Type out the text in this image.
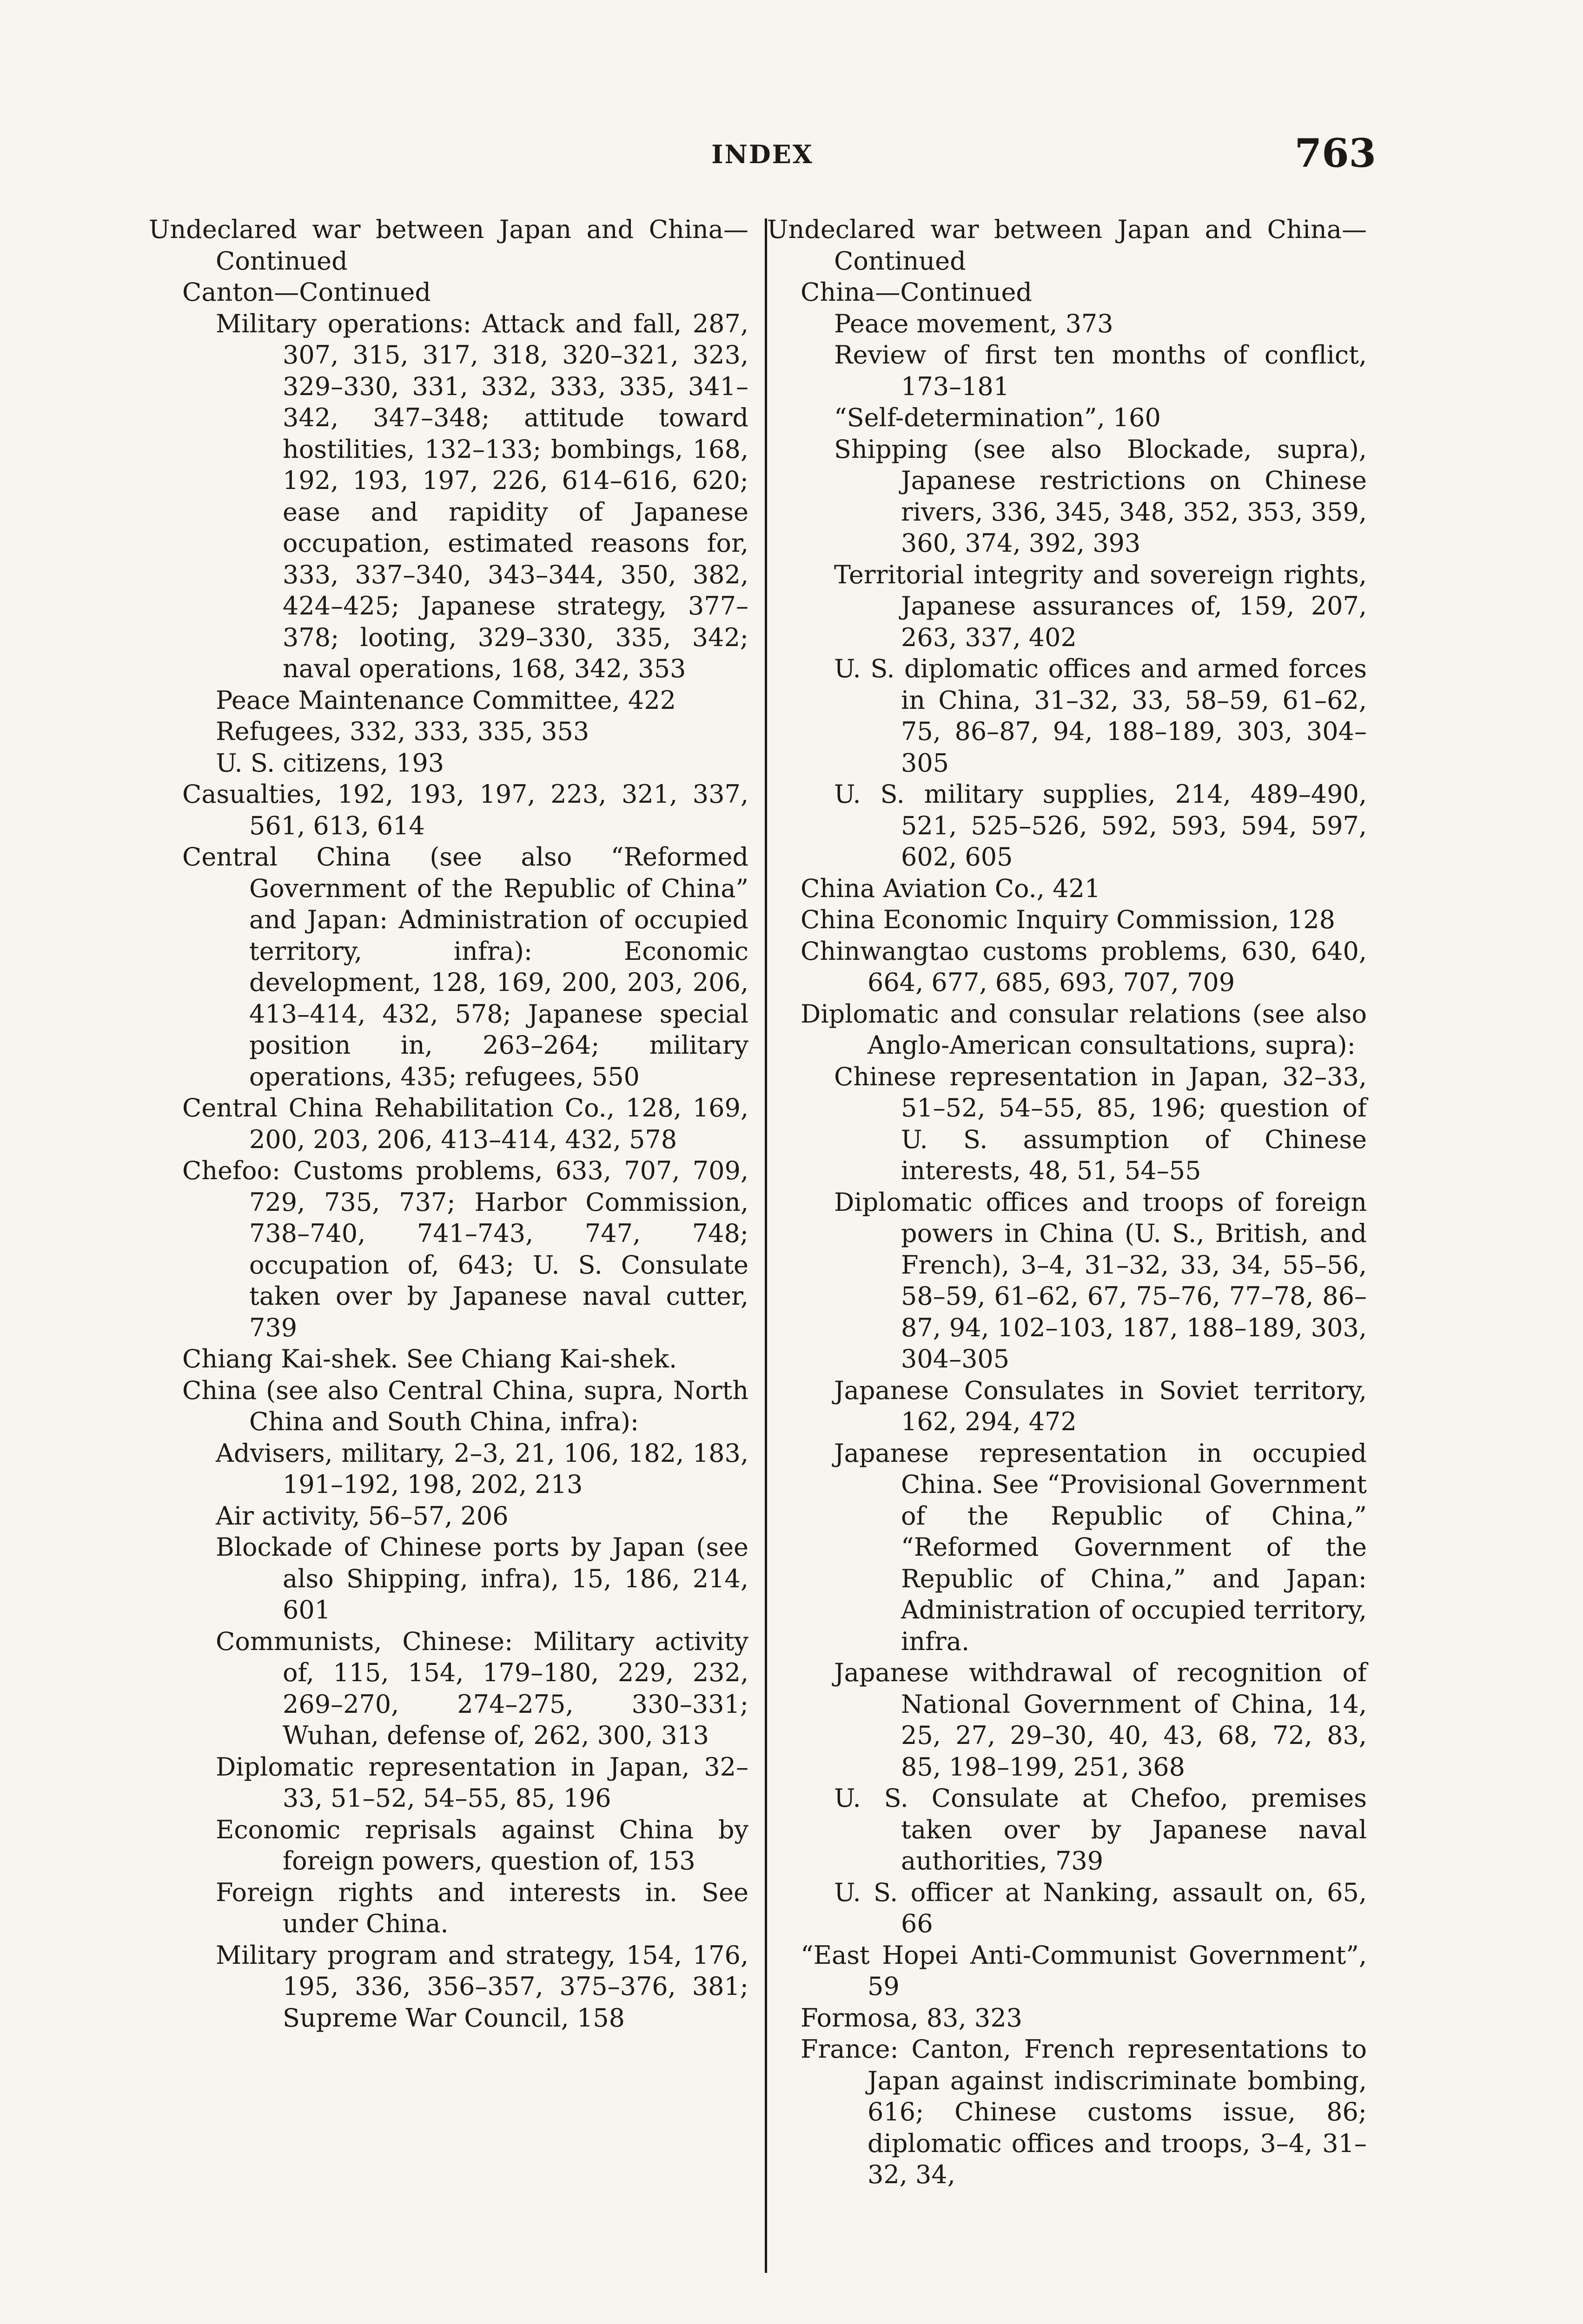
INDEX	763
Undeclared war between Japan and China—Continued
Canton—Continued
Military operations: Attack and fall, 287, 307, 315, 317, 318, 320–321, 323, 329–330, 331, 332, 333, 335, 341–342, 347–348; attitude toward hostilities, 132–133; bombings, 168, 192, 193, 197, 226, 614–616, 620; ease and rapidity of Japanese occupation, estimated reasons for, 333, 337–340, 343–344, 350, 382, 424–425; Japanese strategy, 377–378; looting, 329–330, 335, 342; naval operations, 168, 342, 353
Peace Maintenance Committee, 422
Refugees, 332, 333, 335, 353
U. S. citizens, 193
Casualties, 192, 193, 197, 223, 321, 337, 561, 613, 614
Central China (see also “Reformed Government of the Republic of China” and Japan: Administration of occupied territory, infra): Economic development, 128, 169, 200, 203, 206, 413–414, 432, 578; Japanese special position in, 263–264; military operations, 435; refugees, 550
Central China Rehabilitation Co., 128, 169, 200, 203, 206, 413–414, 432, 578
Chefoo: Customs problems, 633, 707, 709, 729, 735, 737; Harbor Commission, 738–740, 741–743, 747, 748; occupation of, 643; U. S. Consulate taken over by Japanese naval cutter, 739
Chiang Kai-shek. See Chiang Kai-shek.
China (see also Central China, supra, North China and South China, infra):
Advisers, military, 2–3, 21, 106, 182, 183, 191–192, 198, 202, 213
Air activity, 56–57, 206
Blockade of Chinese ports by Japan (see also Shipping, infra), 15, 186, 214, 601
Communists, Chinese: Military activity of, 115, 154, 179–180, 229, 232, 269–270, 274–275, 330–331; Wuhan, defense of, 262, 300, 313
Diplomatic representation in Japan, 32–33, 51–52, 54–55, 85, 196
Economic reprisals against China by foreign powers, question of, 153
Foreign rights and interests in. See under China.
Military program and strategy, 154, 176, 195, 336, 356–357, 375–376, 381; Supreme War Council, 158
Undeclared war between Japan and China—Continued
China—Continued
Peace movement, 373
Review of first ten months of conflict, 173–181
“Self-determination”, 160
Shipping (see also Blockade, supra), Japanese restrictions on Chinese rivers, 336, 345, 348, 352, 353, 359, 360, 374, 392, 393
Territorial integrity and sovereign rights, Japanese assurances of, 159, 207, 263, 337, 402
U. S. diplomatic offices and armed forces in China, 31–32, 33, 58–59, 61–62, 75, 86–87, 94, 188–189, 303, 304–305
U. S. military supplies, 214, 489–490, 521, 525–526, 592, 593, 594, 597, 602, 605
China Aviation Co., 421
China Economic Inquiry Commission, 128
Chinwangtao customs problems, 630, 640, 664, 677, 685, 693, 707, 709
Diplomatic and consular relations (see also Anglo-American consultations, supra):
Chinese representation in Japan, 32–33, 51–52, 54–55, 85, 196; question of U. S. assumption of Chinese interests, 48, 51, 54–55
Diplomatic offices and troops of foreign powers in China (U. S., British, and French), 3–4, 31–32, 33, 34, 55–56, 58–59, 61–62, 67, 75–76, 77–78, 86–87, 94, 102–103, 187, 188–189, 303, 304–305
Japanese Consulates in Soviet territory, 162, 294, 472
Japanese representation in occupied China. See “Provisional Government of the Republic of China,” “Reformed Government of the Republic of China,” and Japan: Administration of occupied territory, infra.
Japanese withdrawal of recognition of National Government of China, 14, 25, 27, 29–30, 40, 43, 68, 72, 83, 85, 198–199, 251, 368
U. S. Consulate at Chefoo, premises taken over by Japanese naval authorities, 739
U. S. officer at Nanking, assault on, 65, 66
“East Hopei Anti-Communist Government”, 59
Formosa, 83, 323
France: Canton, French representations to Japan against indiscriminate bombing, 616; Chinese customs issue, 86; diplomatic offices and troops, 3–4, 31–32, 34,
